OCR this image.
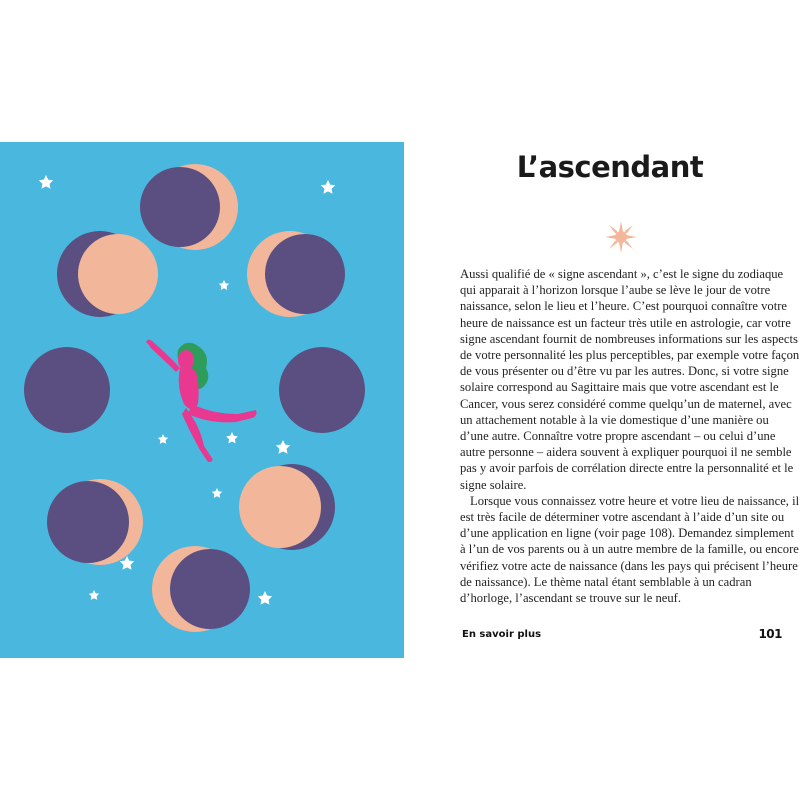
L’ascendant

Aussi qualifié de « signe ascendant », c’est le signe du zodiaque qui apparait à l’horizon lorsque l’aube se lève le jour de votre naissance, selon le lieu et l’heure. C’est pourquoi connaître votre heure de naissance est un facteur très utile en astrologie, car votre signe ascendant fournit de nombreuses informations sur les aspects de votre personnalité les plus perceptibles, par exemple votre façon de vous présenter ou d’être vu par les autres. Donc, si votre signe solaire correspond au Sagittaire mais que votre ascendant est le Cancer, vous serez considéré comme quelqu’un de maternel, avec un attachement notable à la vie domestique d’une manière ou d’une autre. Connaître votre propre ascendant – ou celui d’une autre personne – aidera souvent à expliquer pourquoi il ne semble pas y avoir parfois de corrélation directe entre la personnalité et le signe solaire.

Lorsque vous connaissez votre heure et votre lieu de naissance, il est très facile de déterminer votre ascendant à l’aide d’un site ou d’une application en ligne (voir page 108). Demandez simplement à l’un de vos parents ou à un autre membre de la famille, ou encore vérifiez votre acte de naissance (dans les pays qui précisent l’heure de naissance). Le thème natal étant semblable à un cadran d’horloge, l’ascendant se trouve sur le neuf.

En savoir plus	101
